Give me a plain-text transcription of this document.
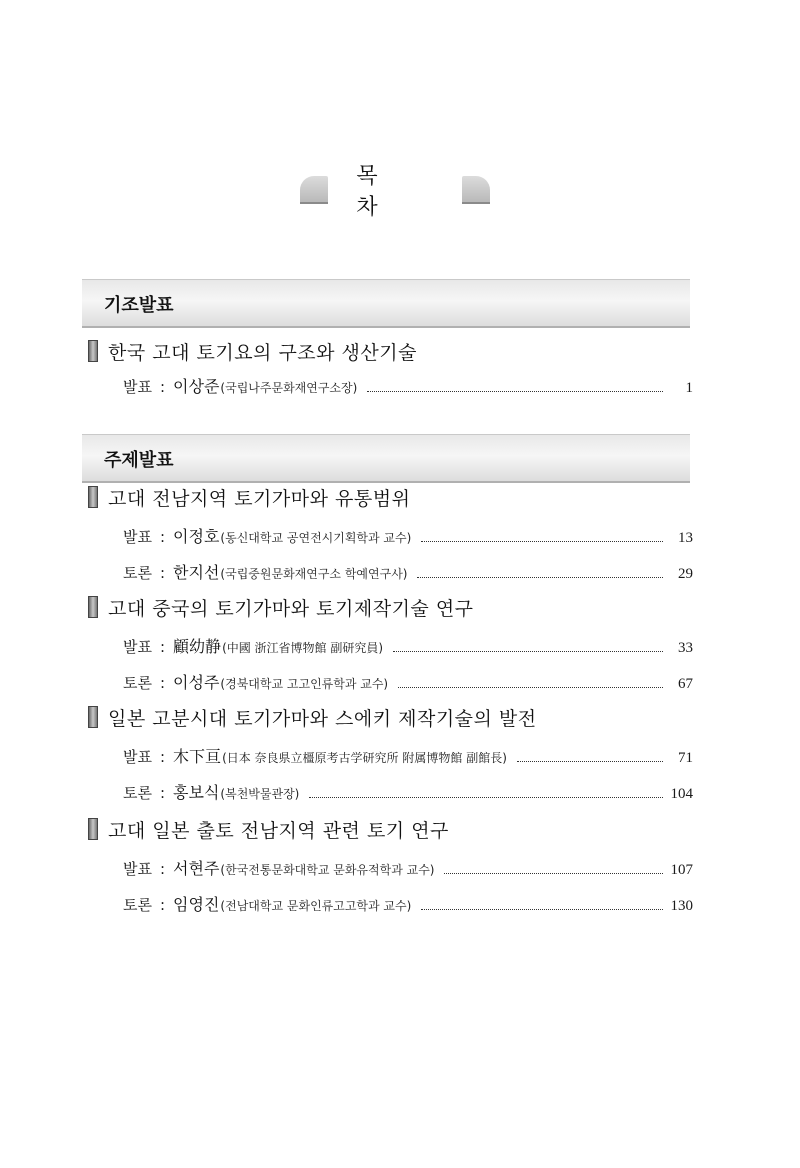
목 차
기조발표
한국 고대 토기요의 구조와 생산기술
발표 : 이상준 (국립나주문화재연구소장)	1
주제발표
고대 전남지역 토기가마와 유통범위
발표 : 이정호 (동신대학교 공연전시기획학과 교수)	13
토론 : 한지선 (국립중원문화재연구소 학예연구사)	29
고대 중국의 토기가마와 토기제작기술 연구
발표 : 顧幼静 (中國 浙江省博物館 副研究員)	33
토론 : 이성주 (경북대학교 고고인류학과 교수)	67
일본 고분시대 토기가마와 스에키 제작기술의 발전
발표 : 木下亘 (日本 奈良県立橿原考古学研究所 附属博物館 副館長)	71
토론 : 홍보식 (복천박물관장)	104
고대 일본 출토 전남지역 관련 토기 연구
발표 : 서현주 (한국전통문화대학교 문화유적학과 교수)	107
토론 : 임영진 (전남대학교 문화인류고고학과 교수)	130
